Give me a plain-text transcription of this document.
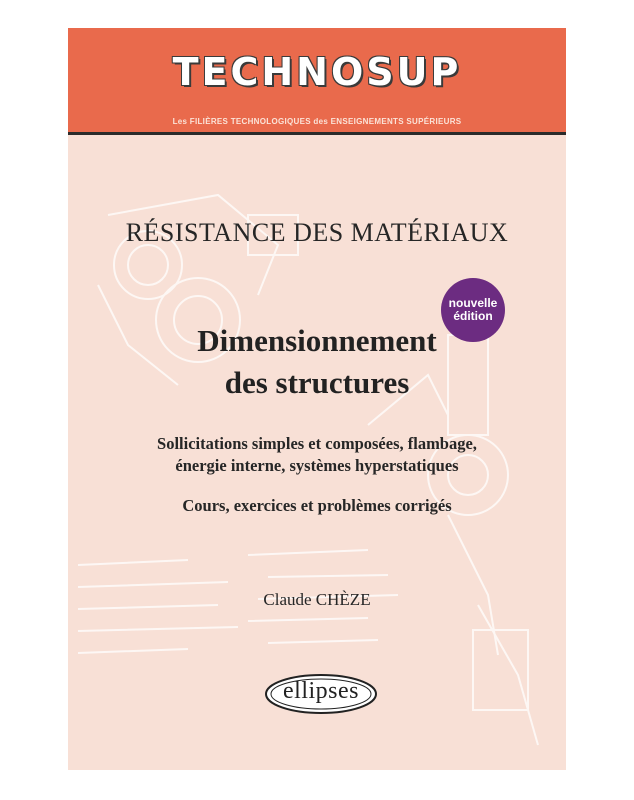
TECHNOSUP
Les FILIÈRES TECHNOLOGIQUES des ENSEIGNEMENTS SUPÉRIEURS
RÉSISTANCE DES MATÉRIAUX
nouvelle
édition
Dimensionnement
des structures
Sollicitations simples et composées, flambage,
énergie interne, systèmes hyperstatiques
Cours, exercices et problèmes corrigés
Claude CHÈZE
ellipses
